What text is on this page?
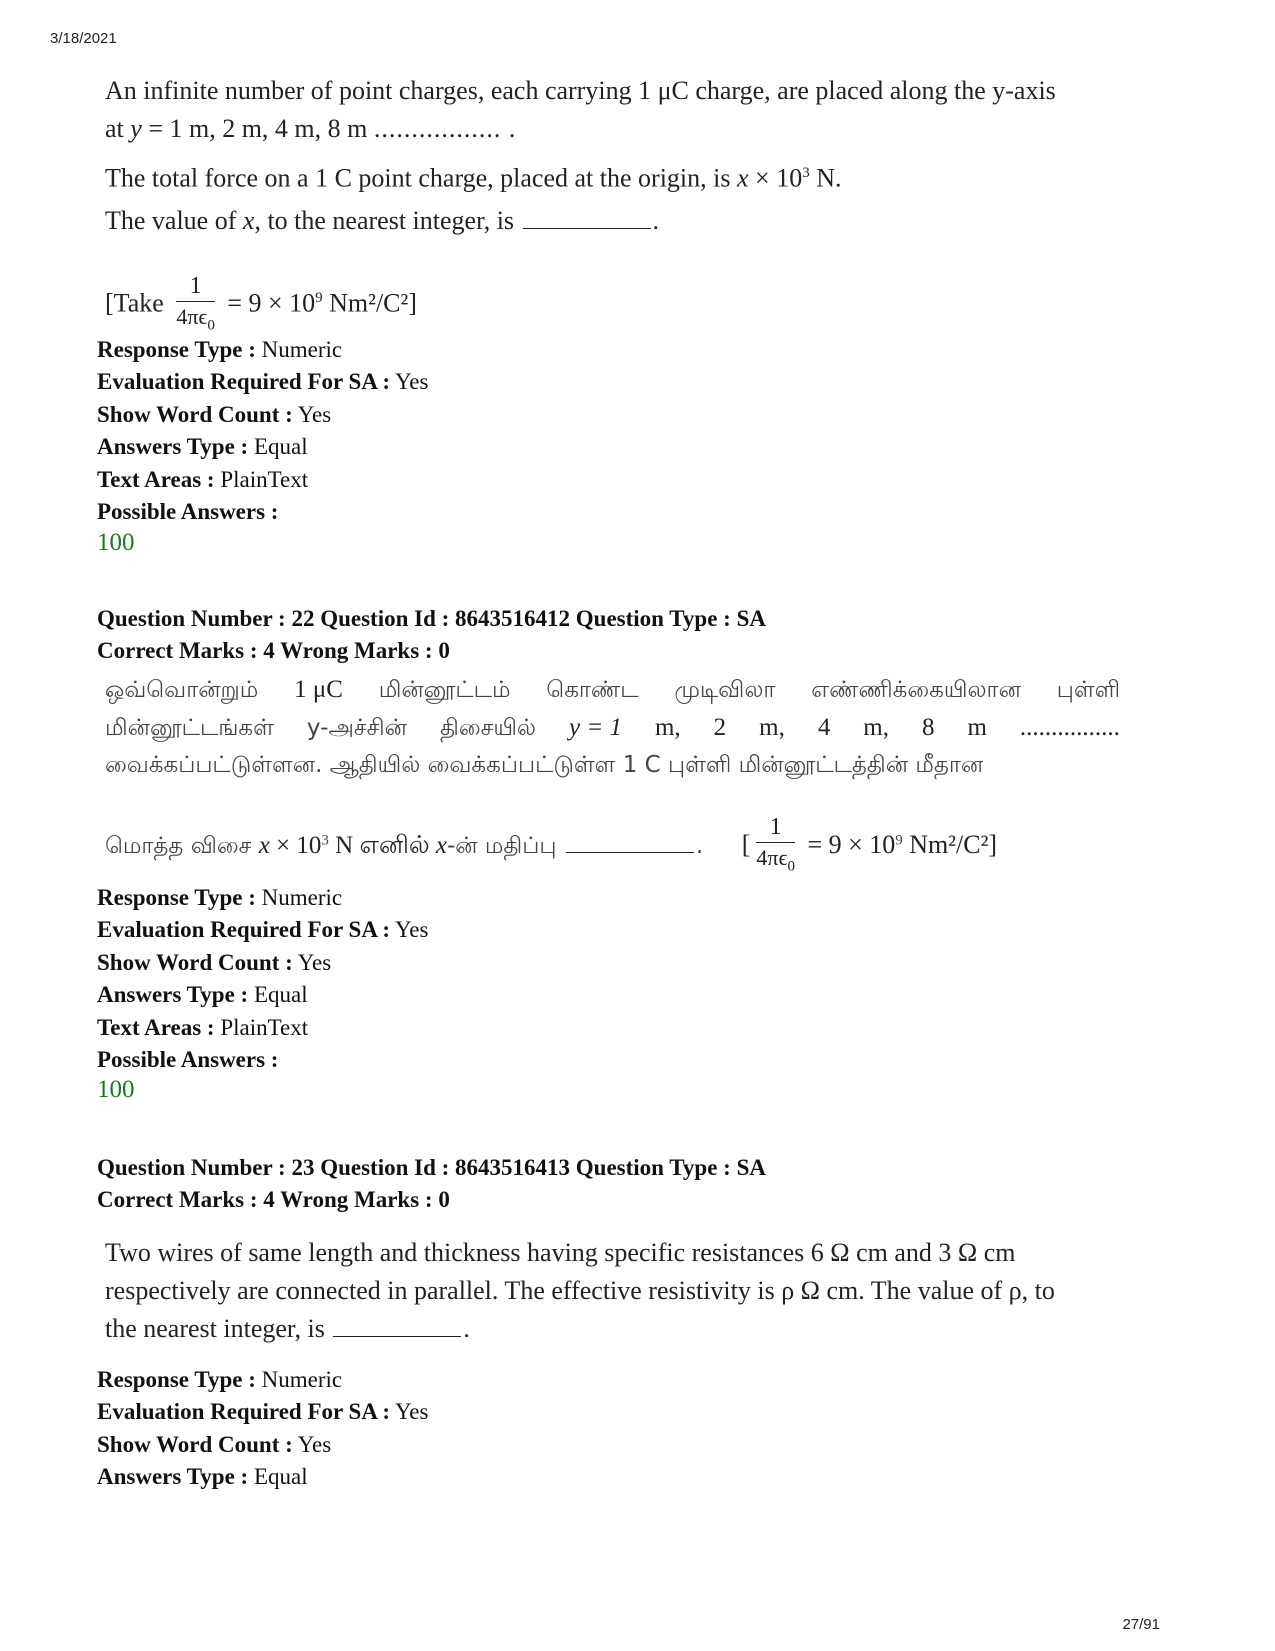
3/18/2021

An infinite number of point charges, each carrying 1 μC charge, are placed along the y-axis

at y = 1 m, 2 m, 4 m, 8 m ................. .

The total force on a 1 C point charge, placed at the origin, is $x \times 10^3$ N.

The value of x, to the nearest integer, is	.

[Take $\frac{1}{4\pi\epsilon_0} = 9 \times 10^9$ Nm²/C²]

Response Type : Numeric
Evaluation Required For SA : Yes
Show Word Count : Yes
Answers Type : Equal
Text Areas : PlainText
Possible Answers :
100
Question Number : 22 Question Id : 8643516412 Question Type : SA
Correct Marks : 4 Wrong Marks : 0
ஒவ்வொன்றும் 1 μC மின்னூட்டம் கொண்ட முடிவிலா எண்ணிக்கையிலான புள்ளி
மின்னூட்டங்கள் y-அச்சின் திசையில் y = 1 m, 2 m, 4 m, 8 m ................
வைக்கப்பட்டுள்ளன. ஆதியில் வைக்கப்பட்டுள்ள 1 C புள்ளி மின்னூட்டத்தின் மீதான
மொத்த விசை $x \times 10^3$ N எனில் x-ன் மதிப்பு	. [ $\frac{1}{4\pi\epsilon_0} = 9 \times 10^9$ Nm²/C²]
Response Type : Numeric
Evaluation Required For SA : Yes
Show Word Count : Yes
Answers Type : Equal
Text Areas : PlainText
Possible Answers :
100
Question Number : 23 Question Id : 8643516413 Question Type : SA
Correct Marks : 4 Wrong Marks : 0

Two wires of same length and thickness having specific resistances 6 Ω cm and 3 Ω cm

respectively are connected in parallel. The effective resistivity is ρ Ω cm. The value of ρ, to

the nearest integer, is	.

Response Type : Numeric
Evaluation Required For SA : Yes
Show Word Count : Yes
Answers Type : Equal
27/91
